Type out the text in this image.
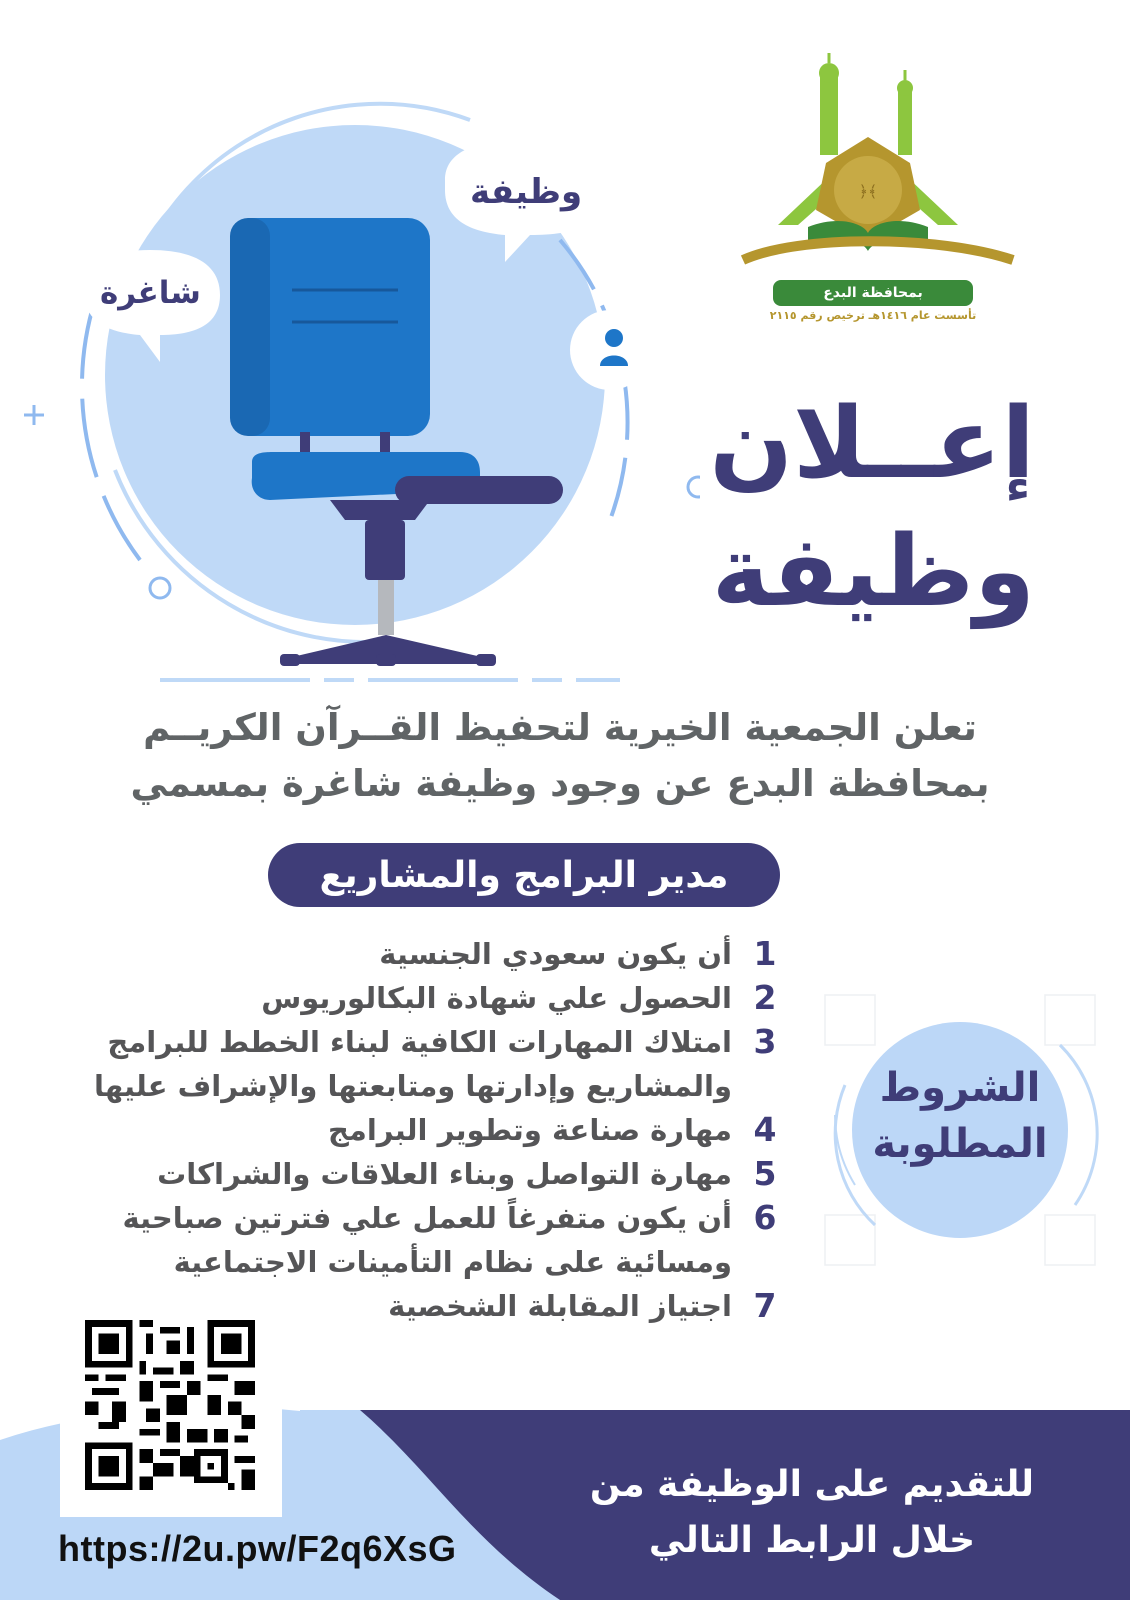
وظيفة
شاغرة
﴿﴾
بمحافظة البدع
تأسست عام ١٤١٦هـ ترخيص رقم ٢١١٥
إعــلان
وظيفة
تعلن الجمعية الخيرية لتحفيظ القــرآن الكريــم
بمحافظة البدع عن وجود وظيفة شاغرة بمسمي
مدير البرامج والمشاريع
1
أن يكون سعودي الجنسية
2
الحصول علي شهادة البكالوريوس
3
امتلاك المهارات الكافية لبناء الخطط للبرامج والمشاريع وإدارتها ومتابعتها والإشراف عليها
4
مهارة صناعة وتطوير البرامج
5
مهارة التواصل وبناء العلاقات والشراكات
6
أن يكون متفرغاً للعمل علي فترتين صباحية ومسائية على نظام التأمينات الاجتماعية
7
اجتياز المقابلة الشخصية
الشروط
المطلوبة
للتقديم على الوظيفة من
خلال الرابط التالي
https://2u.pw/F2q6XsG
